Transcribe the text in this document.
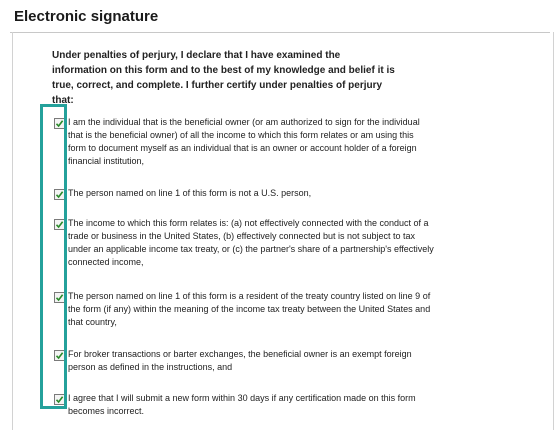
Electronic signature
Under penalties of perjury, I declare that I have examined the information on this form and to the best of my knowledge and belief it is true, correct, and complete. I further certify under penalties of perjury that:
I am the individual that is the beneficial owner (or am authorized to sign for the individual that is the beneficial owner) of all the income to which this form relates or am using this form to document myself as an individual that is an owner or account holder of a foreign financial institution,
The person named on line 1 of this form is not a U.S. person,
The income to which this form relates is: (a) not effectively connected with the conduct of a trade or business in the United States, (b) effectively connected but is not subject to tax under an applicable income tax treaty, or (c) the partner's share of a partnership's effectively connected income,
The person named on line 1 of this form is a resident of the treaty country listed on line 9 of the form (if any) within the meaning of the income tax treaty between the United States and that country,
For broker transactions or barter exchanges, the beneficial owner is an exempt foreign person as defined in the instructions, and
I agree that I will submit a new form within 30 days if any certification made on this form becomes incorrect.
